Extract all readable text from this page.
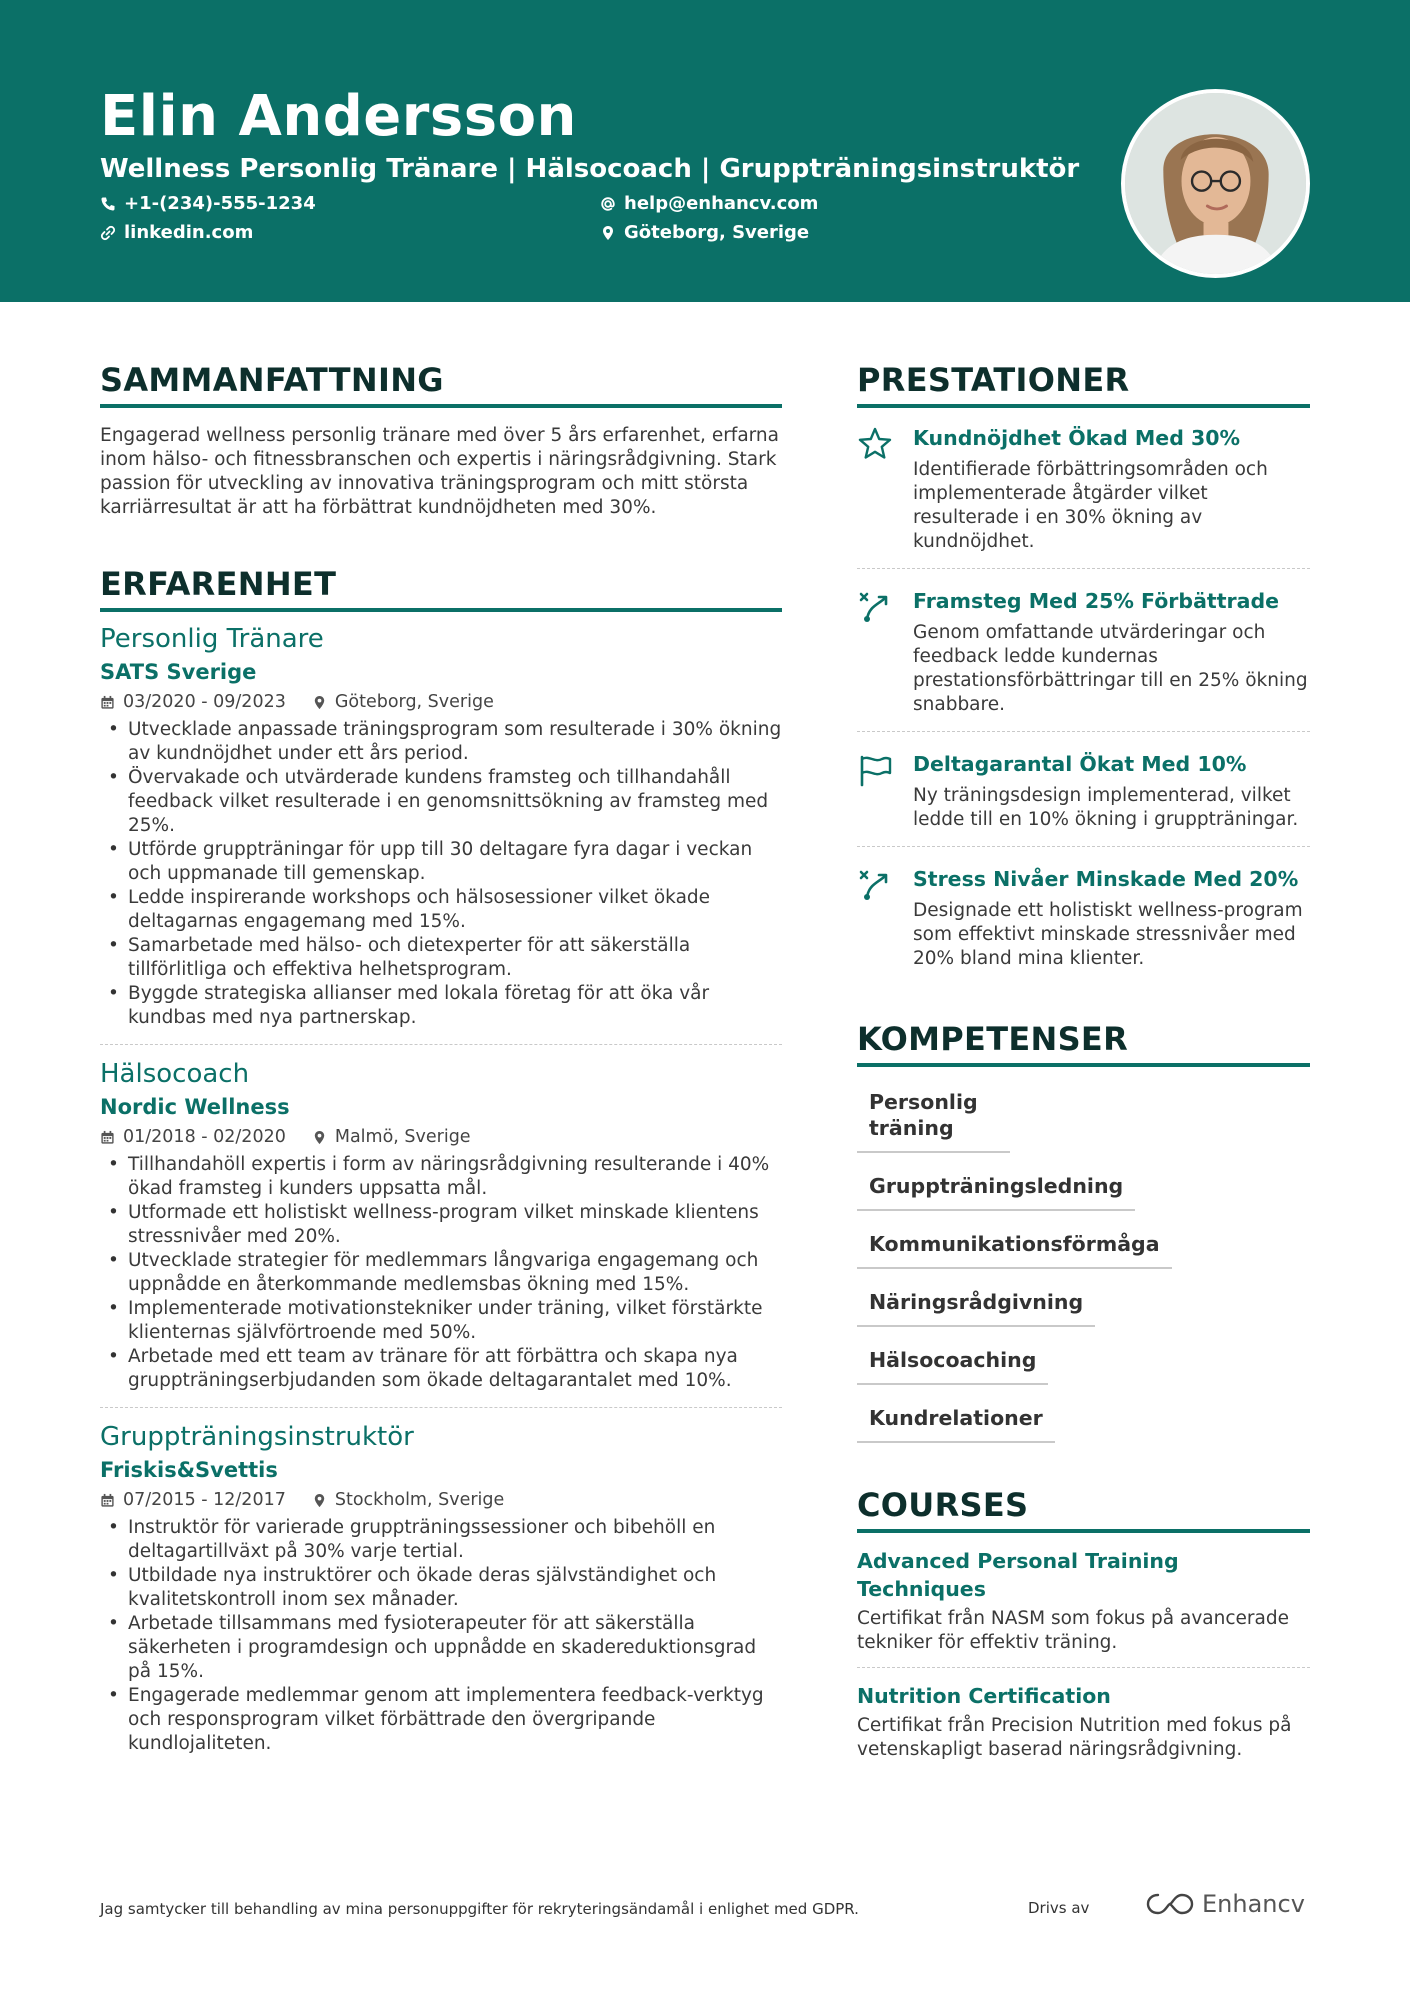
Elin Andersson
Wellness Personlig Tränare | Hälsocoach | Gruppträningsinstruktör
+1-(234)-555-1234	help@enhancv.com
linkedin.com	Göteborg, Sverige
SAMMANFATTNING

Engagerad wellness personlig tränare med över 5 års erfarenhet, erfarna inom hälso- och fitnessbranschen och expertis i näringsrådgivning. Stark passion för utveckling av innovativa träningsprogram och mitt största karriärresultat är att ha förbättrat kundnöjdheten med 30%.

ERFARENHET
Personlig Tränare
SATS Sverige
03/2020 - 09/2023	Göteborg, Sverige
• Utvecklade anpassade träningsprogram som resulterade i 30% ökning av kundnöjdhet under ett års period.
• Övervakade och utvärderade kundens framsteg och tillhandahåll feedback vilket resulterade i en genomsnittsökning av framsteg med 25%.
• Utförde gruppträningar för upp till 30 deltagare fyra dagar i veckan och uppmanade till gemenskap.
• Ledde inspirerande workshops och hälsosessioner vilket ökade deltagarnas engagemang med 15%.
• Samarbetade med hälso- och dietexperter för att säkerställa tillförlitliga och effektiva helhetsprogram.
• Byggde strategiska allianser med lokala företag för att öka vår kundbas med nya partnerskap.
Hälsocoach
Nordic Wellness
01/2018 - 02/2020	Malmö, Sverige
• Tillhandahöll expertis i form av näringsrådgivning resulterande i 40% ökad framsteg i kunders uppsatta mål.
• Utformade ett holistiskt wellness-program vilket minskade klientens stressnivåer med 20%.
• Utvecklade strategier för medlemmars långvariga engagemang och uppnådde en återkommande medlemsbas ökning med 15%.
• Implementerade motivationstekniker under träning, vilket förstärkte klienternas självförtroende med 50%.
• Arbetade med ett team av tränare för att förbättra och skapa nya gruppträningserbjudanden som ökade deltagarantalet med 10%.
Gruppträningsinstruktör
Friskis&Svettis
07/2015 - 12/2017	Stockholm, Sverige
• Instruktör för varierade gruppträningssessioner och bibehöll en deltagartillväxt på 30% varje tertial.
• Utbildade nya instruktörer och ökade deras självständighet och kvalitetskontroll inom sex månader.
• Arbetade tillsammans med fysioterapeuter för att säkerställa säkerheten i programdesign och uppnådde en skadereduktionsgrad på 15%.
• Engagerade medlemmar genom att implementera feedback-verktyg och responsprogram vilket förbättrade den övergripande kundlojaliteten.
PRESTATIONER
Kundnöjdhet Ökad Med 30%
Identifierade förbättringsområden och implementerade åtgärder vilket resulterade i en 30% ökning av kundnöjdhet.
Framsteg Med 25% Förbättrade
Genom omfattande utvärderingar och feedback ledde kundernas prestationsförbättringar till en 25% ökning snabbare.
Deltagarantal Ökat Med 10%
Ny träningsdesign implementerad, vilket ledde till en 10% ökning i gruppträningar.
Stress Nivåer Minskade Med 20%
Designade ett holistiskt wellness-program som effektivt minskade stressnivåer med 20% bland mina klienter.
KOMPETENSER
Personlig träning
Gruppträningsledning
Kommunikationsförmåga
Näringsrådgivning
Hälsocoaching
Kundrelationer
COURSES
Advanced Personal Training Techniques
Certifikat från NASM som fokus på avancerade tekniker för effektiv träning.
Nutrition Certification
Certifikat från Precision Nutrition med fokus på vetenskapligt baserad näringsrådgivning.
Jag samtycker till behandling av mina personuppgifter för rekryteringsändamål i enlighet med GDPR.	Drivs av	Enhancv
